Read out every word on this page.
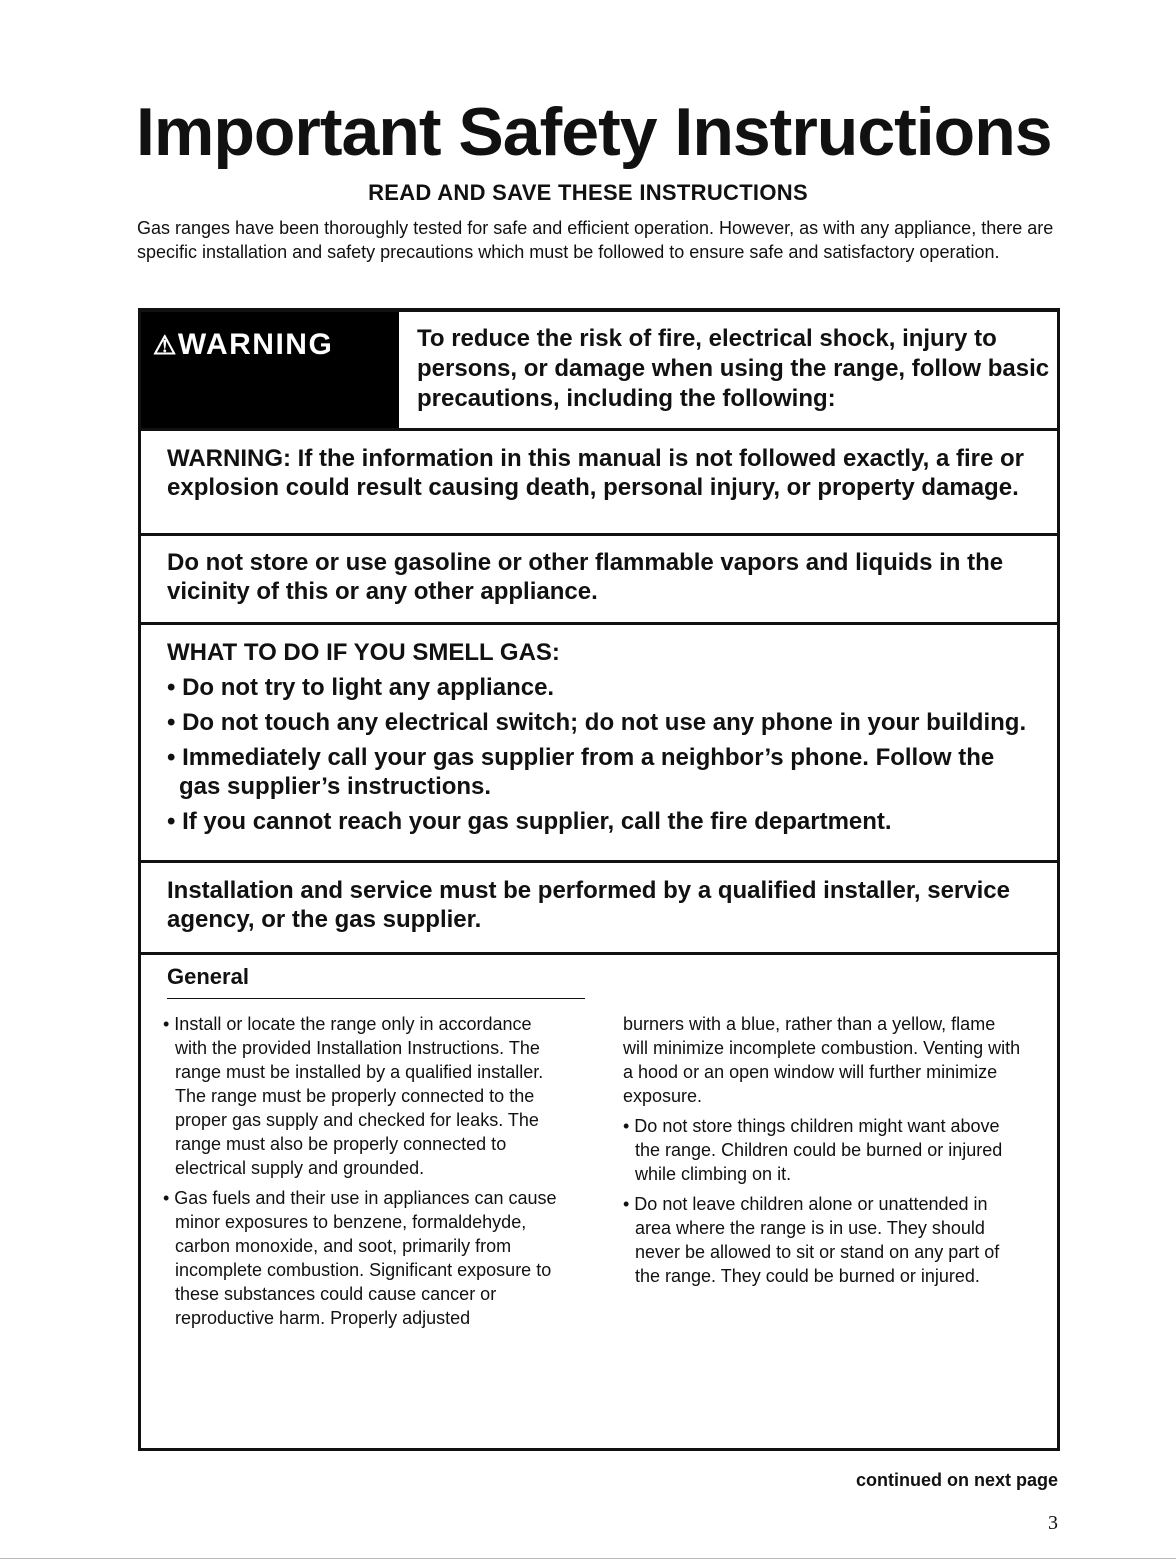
Important Safety Instructions
READ AND SAVE THESE INSTRUCTIONS

Gas ranges have been thoroughly tested for safe and efficient operation. However, as with any appliance, there are specific installation and safety precautions which must be followed to ensure safe and satisfactory operation.

⚠WARNING	To reduce the risk of fire, electrical shock, injury to persons, or damage when using the range, follow basic precautions, including the following:

WARNING: If the information in this manual is not followed exactly, a fire or explosion could result causing death, personal injury, or property damage.

Do not store or use gasoline or other flammable vapors and liquids in the vicinity of this or any other appliance.

WHAT TO DO IF YOU SMELL GAS:
• Do not try to light any appliance.
• Do not touch any electrical switch; do not use any phone in your building.
• Immediately call your gas supplier from a neighbor’s phone. Follow the gas supplier’s instructions.
• If you cannot reach your gas supplier, call the fire department.

Installation and service must be performed by a qualified installer, service agency, or the gas supplier.

General
• Install or locate the range only in accordance with the provided Installation Instructions. The range must be installed by a qualified installer. The range must be properly connected to the proper gas supply and checked for leaks. The range must also be properly connected to electrical supply and grounded.
• Gas fuels and their use in appliances can cause minor exposures to benzene, formaldehyde, carbon monoxide, and soot, primarily from incomplete combustion. Significant exposure to these substances could cause cancer or reproductive harm. Properly adjusted

burners with a blue, rather than a yellow, flame will minimize incomplete combustion. Venting with a hood or an open window will further minimize exposure.

• Do not store things children might want above the range. Children could be burned or injured while climbing on it.
• Do not leave children alone or unattended in area where the range is in use. They should never be allowed to sit or stand on any part of the range. They could be burned or injured.
continued on next page
3
